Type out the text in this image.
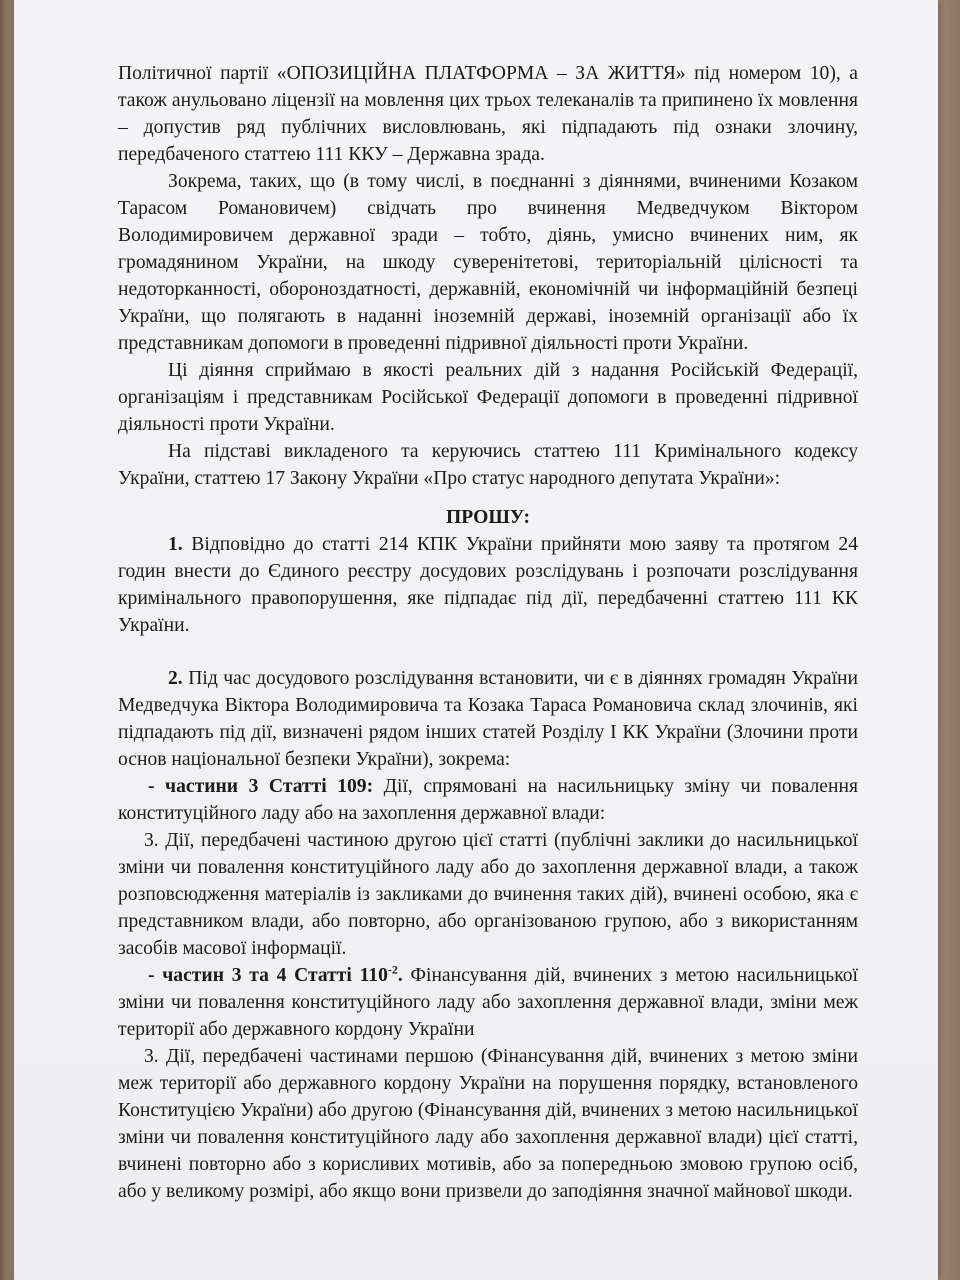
Політичної партії «ОПОЗИЦІЙНА ПЛАТФОРМА – ЗА ЖИТТЯ» під номером 10), а також анульовано ліцензії на мовлення цих трьох телеканалів та припинено їх мовлення – допустив ряд публічних висловлювань, які підпадають під ознаки злочину, передбаченого статтею 111 ККУ – Державна зрада.

Зокрема, таких, що (в тому числі, в поєднанні з діяннями, вчиненими Козаком Тарасом Романовичем) свідчать про вчинення Медведчуком Віктором Володимировичем державної зради – тобто, діянь, умисно вчинених ним, як громадянином України, на шкоду суверенітетові, територіальній цілісності та недоторканності, обороноздатності, державній, економічній чи інформаційній безпеці України, що полягають в наданні іноземній державі, іноземній організації або їх представникам допомоги в проведенні підривної діяльності проти України.

Ці діяння сприймаю в якості реальних дій з надання Російській Федерації, організаціям і представникам Російської Федерації допомоги в проведенні підривної діяльності проти України.

На підставі викладеного та керуючись статтею 111 Кримінального кодексу України, статтею 17 Закону України «Про статус народного депутата України»:

ПРОШУ:

1. Відповідно до статті 214 КПК України прийняти мою заяву та протягом 24 годин внести до Єдиного реєстру досудових розслідувань і розпочати розслідування кримінального правопорушення, яке підпадає під дії, передбаченні статтею 111 КК України.

2. Під час досудового розслідування встановити, чи є в діяннях громадян України Медведчука Віктора Володимировича та Козака Тараса Романовича склад злочинів, які підпадають під дії, визначені рядом інших статей Розділу І КК України (Злочини проти основ національної безпеки України), зокрема:

- частини 3 Статті 109: Дії, спрямовані на насильницьку зміну чи повалення конституційного ладу або на захоплення державної влади:

3. Дії, передбачені частиною другою цієї статті (публічні заклики до насильницької зміни чи повалення конституційного ладу або до захоплення державної влади, а також розповсюдження матеріалів із закликами до вчинення таких дій), вчинені особою, яка є представником влади, або повторно, або організованою групою, або з використанням засобів масової інформації.

- частин 3 та 4 Статті $110^{-2}$. Фінансування дій, вчинених з метою насильницької зміни чи повалення конституційного ладу або захоплення державної влади, зміни меж території або державного кордону України

3. Дії, передбачені частинами першою (Фінансування дій, вчинених з метою зміни меж території або державного кордону України на порушення порядку, встановленого Конституцією України) або другою (Фінансування дій, вчинених з метою насильницької зміни чи повалення конституційного ладу або захоплення державної влади) цієї статті, вчинені повторно або з корисливих мотивів, або за попередньою змовою групою осіб, або у великому розмірі, або якщо вони призвели до заподіяння значної майнової шкоди.
